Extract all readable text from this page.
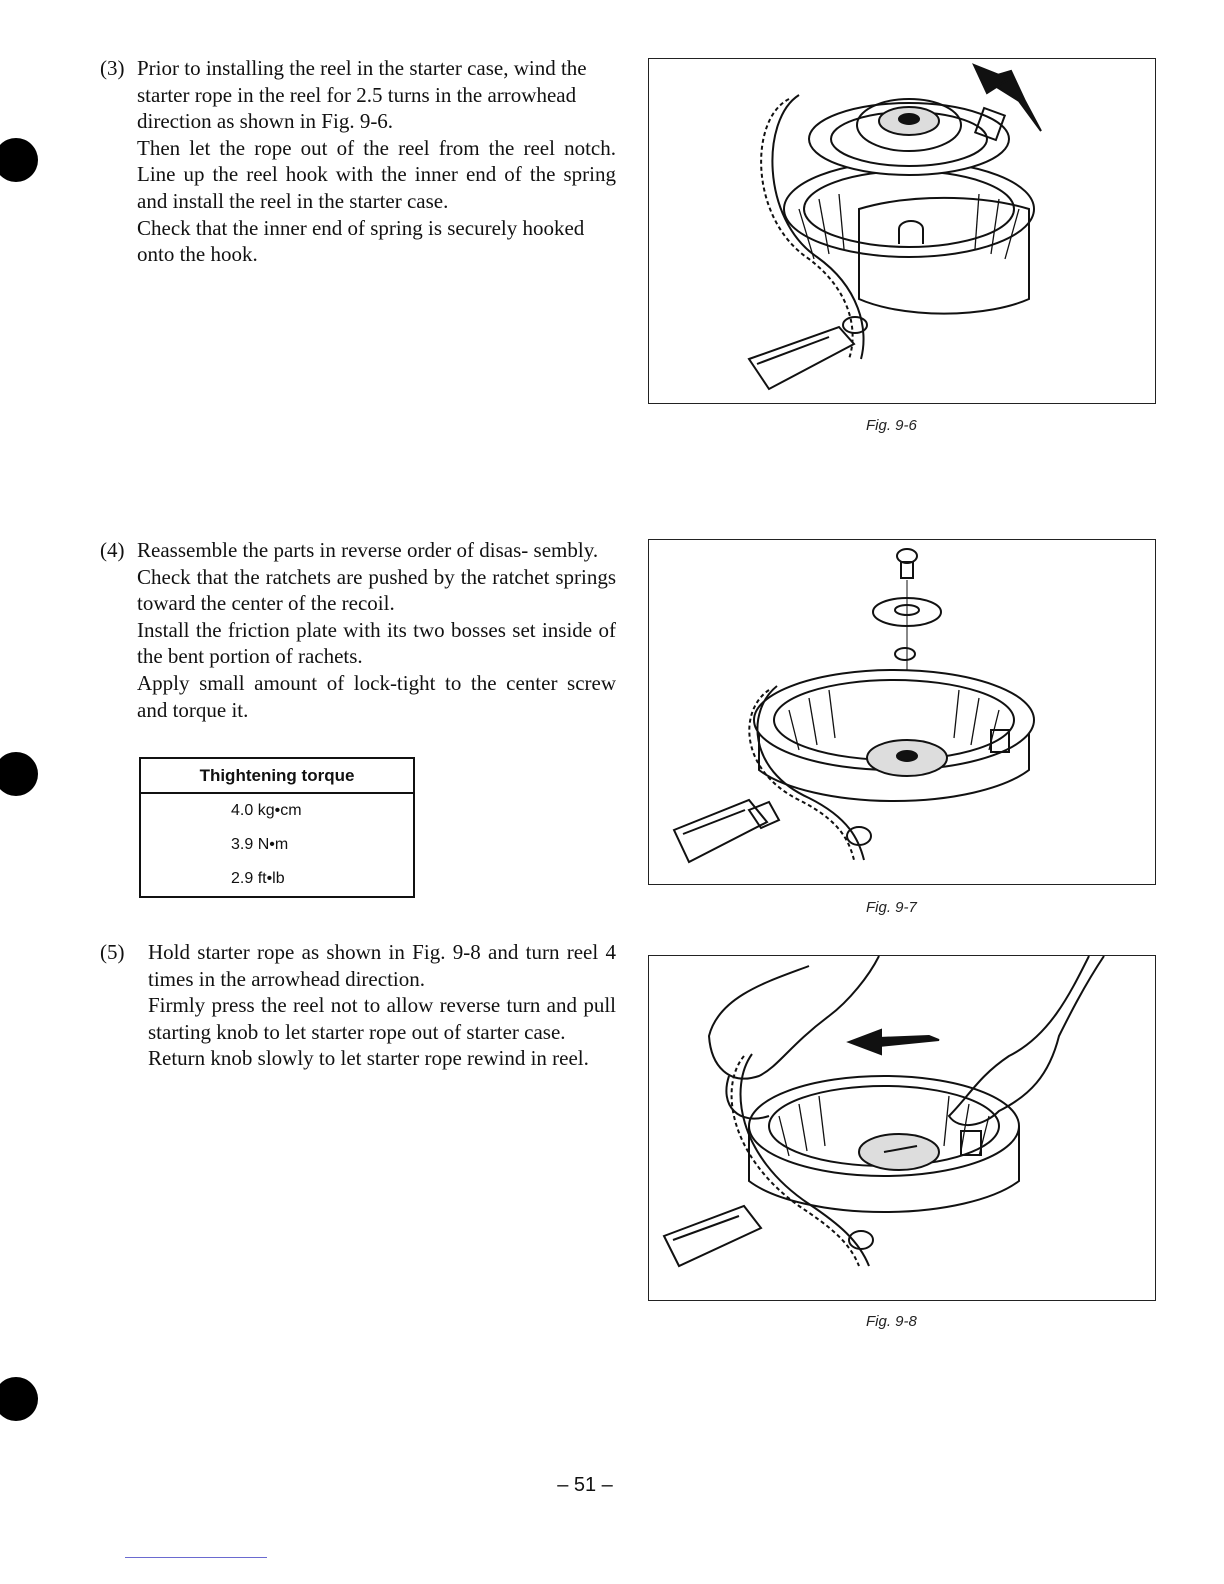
(3) Prior to installing the reel in the starter case, wind the starter rope in the reel for 2.5 turns in the arrowhead direction as shown in Fig. 9-6.

Then let the rope out of the reel from the reel notch. Line up the reel hook with the inner end of the spring and install the reel in the starter case.

Check that the inner end of spring is securely hooked onto the hook.

(4) Reassemble the parts in reverse order of disas- sembly.

Check that the ratchets are pushed by the ratchet springs toward the center of the recoil.

Install the friction plate with its two bosses set inside of the bent portion of rachets.

Apply small amount of lock-tight to the center screw and torque it.

Thightening torque
4.0 kg•cm
3.9 N•m
2.9 ft•lb
(5) Hold starter rope as shown in Fig. 9-8 and turn reel 4 times in the arrowhead direction.

Firmly press the reel not to allow reverse turn and pull starting knob to let starter rope out of starter case.

Return knob slowly to let starter rope rewind in reel.

Fig. 9-6
Fig. 9-7
Fig. 9-8
– 51 –
